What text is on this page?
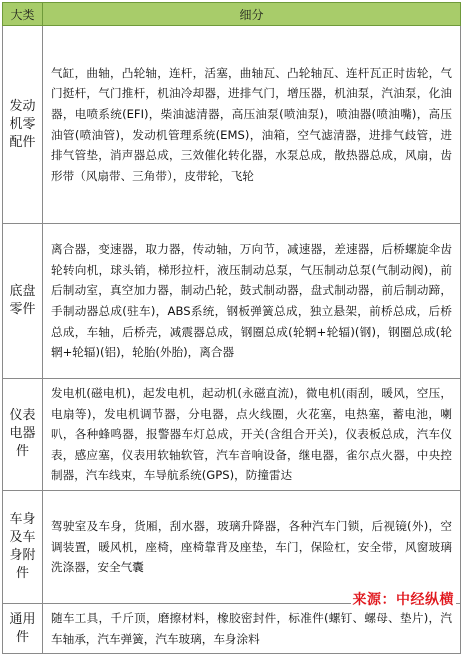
大类	细分
发动机零配件	气缸，曲轴，凸轮轴，连杆，活塞，曲轴瓦、凸轮轴瓦、连杆瓦正时齿轮，气门挺杆，气门推杆，机油冷却器，进排气门，增压器，机油泵，汽油泵，化油器，电喷系统(EFI)，柴油滤清器，高压油泵(喷油泵)，喷油器(喷油嘴)，高压油管(喷油管)，发动机管理系统(EMS)，油箱，空气滤清器，进排气歧管，进排气管垫，消声器总成，三效催化转化器，水泵总成，散热器总成，风扇，齿形带（风扇带、三角带），皮带轮，飞轮
底盘零件	离合器，变速器，取力器，传动轴，万向节，减速器，差速器，后桥螺旋伞齿轮转向机，球头销，梯形拉杆，液压制动总泵，气压制动总泵(气制动阀)，前后制动室，真空加力器，制动凸轮，鼓式制动器，盘式制动器，前后制动蹄，手制动器总成(驻车)，ABS系统，钢板弹簧总成，独立悬架，前桥总成，后桥总成，车轴，后桥壳，减震器总成，钢圈总成(轮辋+轮辐)(钢)，钢圈总成(轮辋+轮辐)(铝)，轮胎(外胎)，离合器
仪表电器件	发电机(磁电机)，起发电机，起动机(永磁直流)，微电机(雨刮，暖风，空压，电扇等)，发电机调节器，分电器，点火线圈，火花塞，电热塞，蓄电池，喇叭，各种蜂鸣器，报警器车灯总成，开关(含组合开关)，仪表板总成，汽车仪表，感应塞，仪表用软轴软管，汽车音响设备，继电器，雀尔点火器，中央控制器，汽车线束，车导航系统(GPS)，防撞雷达
车身及车身附件	驾驶室及车身，货厢，刮水器，玻璃升降器，各种汽车门锁，后视镜(外)，空调装置，暖风机，座椅，座椅靠背及座垫，车门，保险杠，安全带，风窗玻璃洗涤器，安全气囊
通用件	随车工具，千斤顶，磨擦材料，橡胶密封件，标准件(螺钉、螺母、垫片)，汽车轴承，汽车弹簧，汽车玻璃，车身涂料
来源：中经纵横
